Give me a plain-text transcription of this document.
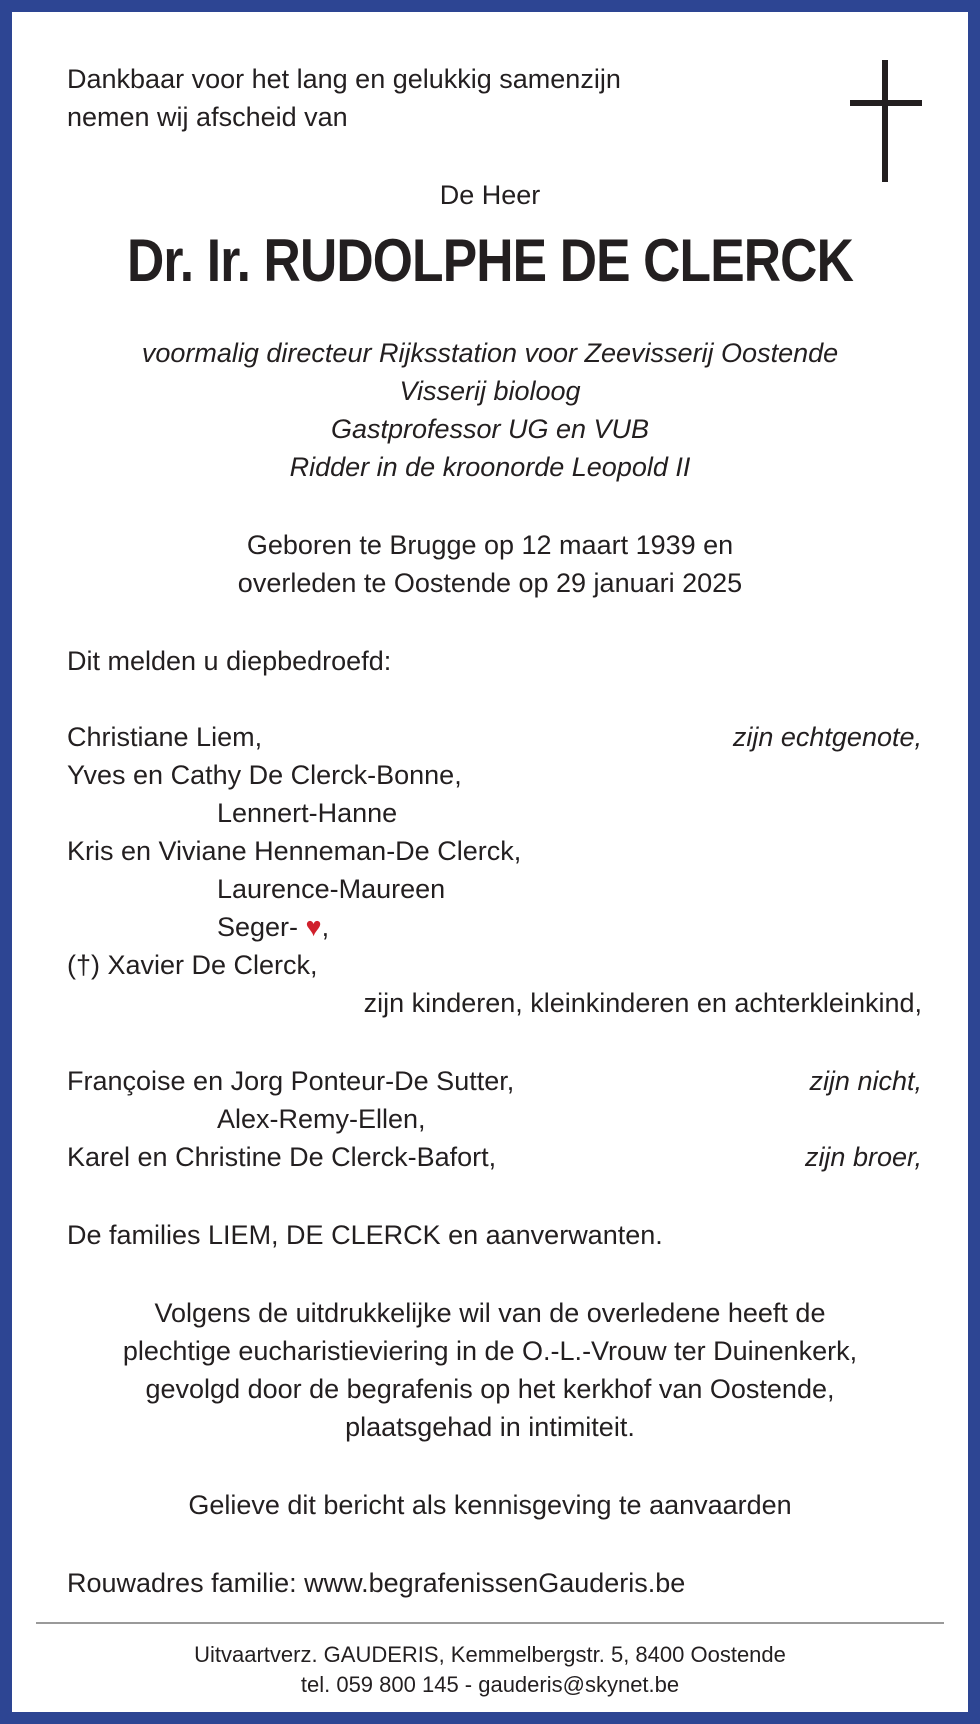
Dankbaar voor het lang en gelukkig samenzijn
nemen wij afscheid van
De Heer
Dr. Ir. RUDOLPHE DE CLERCK
voormalig directeur Rijksstation voor Zeevisserij Oostende
Visserij bioloog
Gastprofessor UG en VUB
Ridder in de kroonorde Leopold II
Geboren te Brugge op 12 maart 1939 en
overleden te Oostende op 29 januari 2025
Dit melden u diepbedroefd:
Christiane Liem,	zijn echtgenote,
Yves en Cathy De Clerck-Bonne,
Lennert-Hanne
Kris en Viviane Henneman-De Clerck,
Laurence-Maureen
Seger- ♥,
(†) Xavier De Clerck,
zijn kinderen, kleinkinderen en achterkleinkind,
Françoise en Jorg Ponteur-De Sutter,	zijn nicht,
Alex-Remy-Ellen,
Karel en Christine De Clerck-Bafort,	zijn broer,
De families LIEM, DE CLERCK en aanverwanten.
Volgens de uitdrukkelijke wil van de overledene heeft de
plechtige eucharistieviering in de O.-L.-Vrouw ter Duinenkerk,
gevolgd door de begrafenis op het kerkhof van Oostende,
plaatsgehad in intimiteit.
Gelieve dit bericht als kennisgeving te aanvaarden
Rouwadres familie: www.begrafenissenGauderis.be
Uitvaartverz. GAUDERIS, Kemmelbergstr. 5, 8400 Oostende
tel. 059 800 145 - gauderis@skynet.be
